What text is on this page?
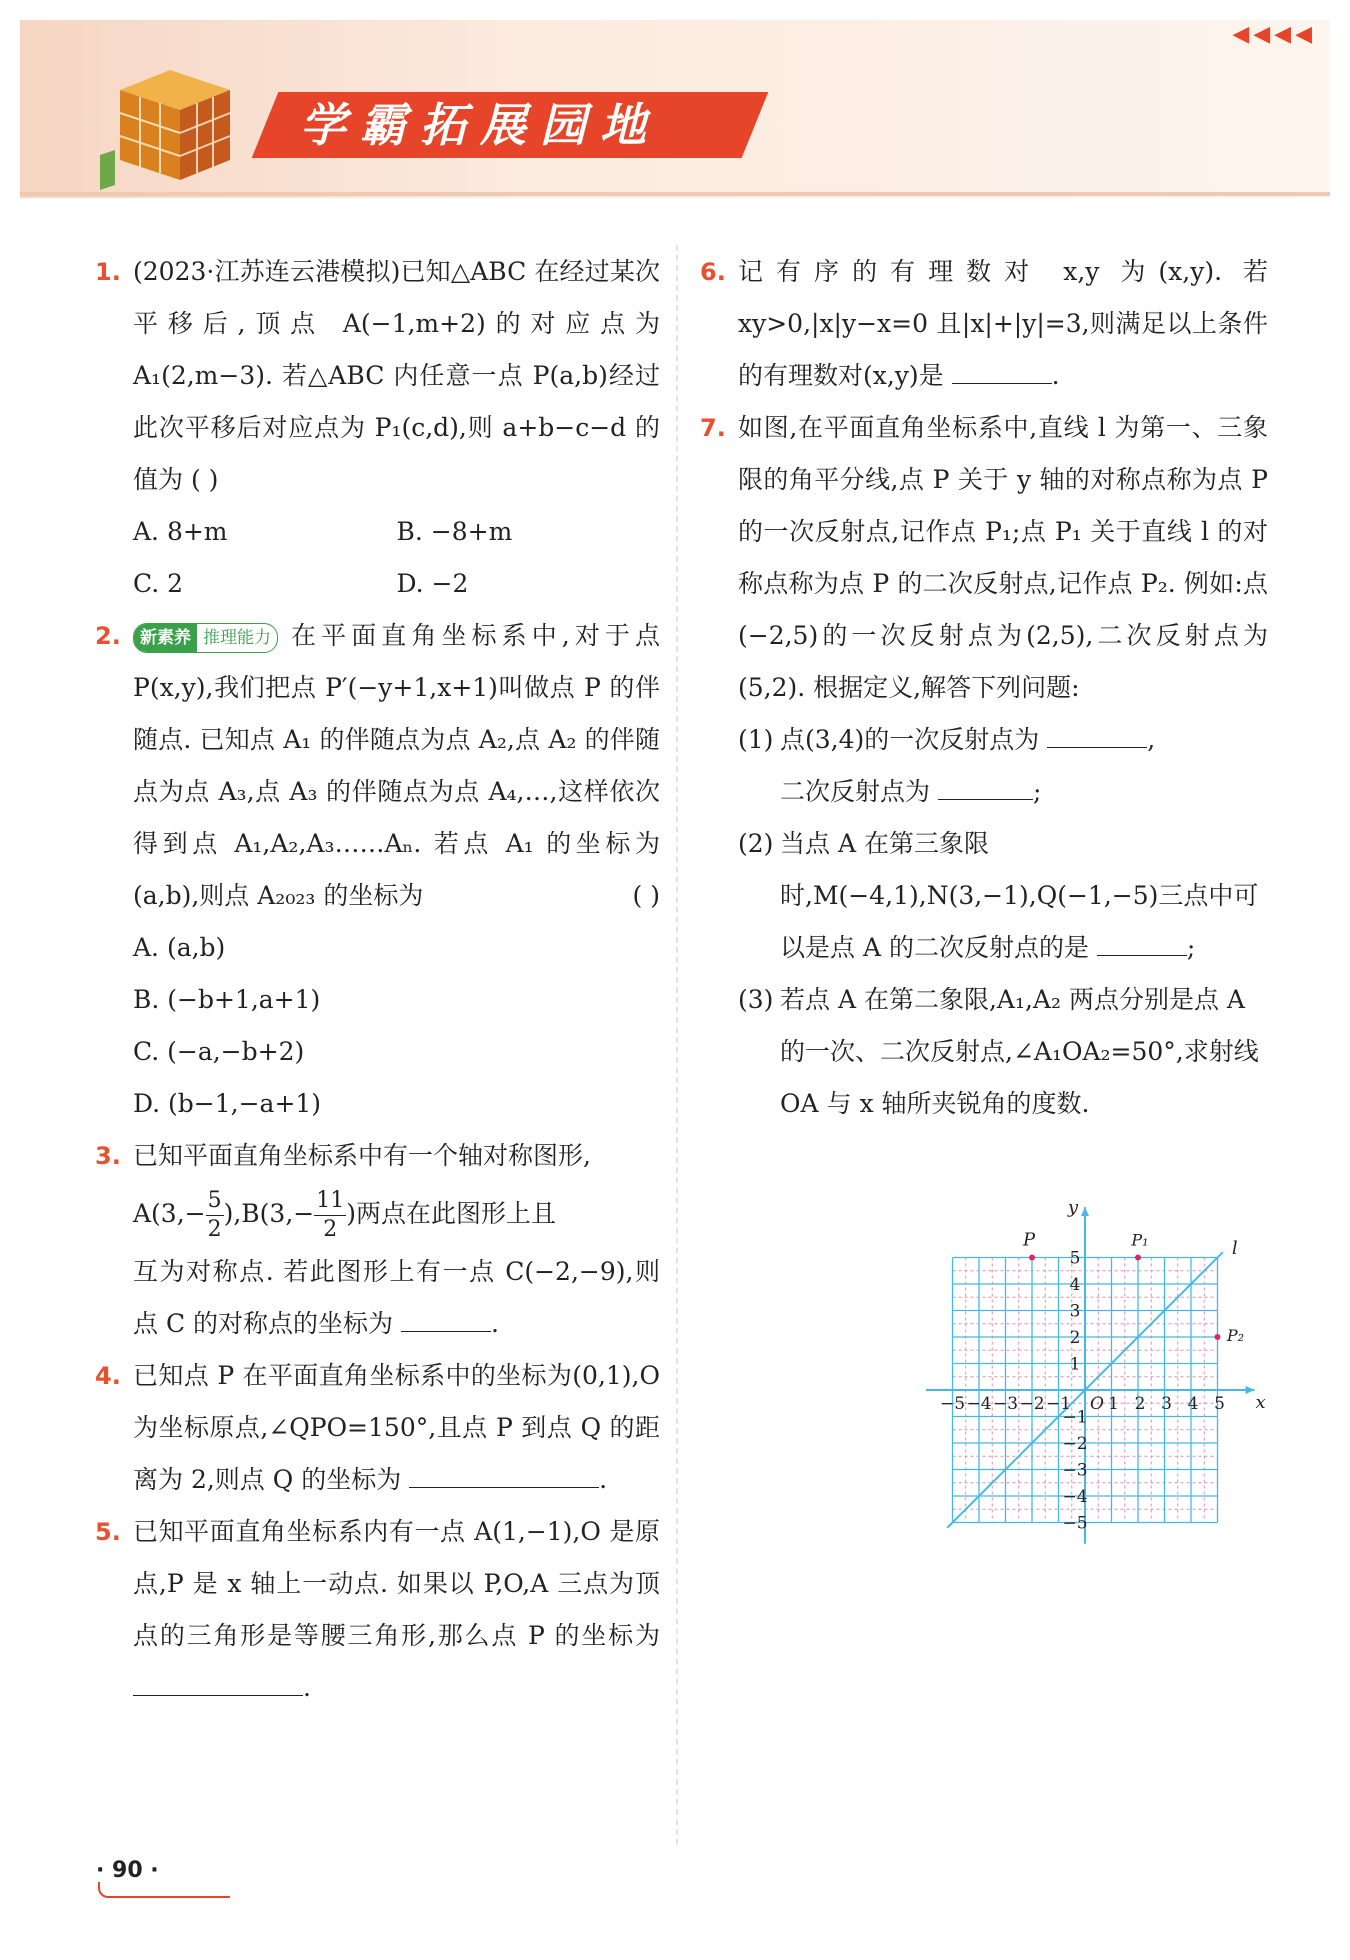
学霸拓展园地
◀◀◀◀
1. (2023·江苏连云港模拟)已知△ABC 在经过某次平移后,顶点 A(−1,m+2)的对应点为 A₁(2,m−3). 若△ABC 内任意一点 P(a,b)经过此次平移后对应点为 P₁(c,d),则 a+b−c−d 的值为 ( )
A. 8+m	B. −8+m
C. 2	D. −2
2.	新素养 推理能力 在平面直角坐标系中,对于点 P(x,y),我们把点 P′(−y+1,x+1)叫做点 P 的伴随点. 已知点 A₁ 的伴随点为点 A₂,点 A₂ 的伴随点为点 A₃,点 A₃ 的伴随点为点 A₄,…,这样依次得到点 A₁,A₂,A₃……Aₙ. 若点 A₁ 的坐标为(a,b),则点 A₂₀₂₃ 的坐标为	( )
A. (a,b)
B. (−b+1,a+1)
C. (−a,−b+2)
D. (b−1,−a+1)
3. 已知平面直角坐标系中有一个轴对称图形,
$A(3,- \frac{5}{2} ),B(3,- \frac{11}{2}$ )两点在此图形上且
互为对称点. 若此图形上有一点 C(−2,−9),则点 C 的对称点的坐标为	.
4. 已知点 P 在平面直角坐标系中的坐标为(0,1),O 为坐标原点,∠QPO=150°,且点 P 到点 Q 的距离为 2,则点 Q 的坐标为	.
5. 已知平面直角坐标系内有一点 A(1,−1),O 是原点,P 是 x 轴上一动点. 如果以 P,O,A 三点为顶点的三角形是等腰三角形,那么点 P 的坐标为 .
6. 记有序的有理数对 x,y 为(x,y). 若 xy>0,|x|y−x=0 且|x|+|y|=3,则满足以上条件的有理数对(x,y)是	.
7. 如图,在平面直角坐标系中,直线 l 为第一、三象限的角平分线,点 P 关于 y 轴的对称点称为点 P 的一次反射点,记作点 P₁;点 P₁ 关于直线 l 的对称点称为点 P 的二次反射点,记作点 P₂. 例如:点(−2,5)的一次反射点为(2,5),二次反射点为(5,2). 根据定义,解答下列问题:
(1) 点(3,4)的一次反射点为	,
二次反射点为	;
(2) 当点 A 在第三象限时,M(−4,1),N(3,−1),Q(−1,−5)三点中可以是点 A 的二次反射点的是	;
(3) 若点 A 在第二象限,A₁,A₂ 两点分别是点 A 的一次、二次反射点,∠A₁OA₂=50°,求射线 OA 与 x 轴所夹锐角的度数.
−5 −4 −3 −2 −1 1 2 3 4 5
5
4
3
2
1
−1
−2
−3
−4
−5
O	x
y
l
P	P₁
P₂
· 90 ·
